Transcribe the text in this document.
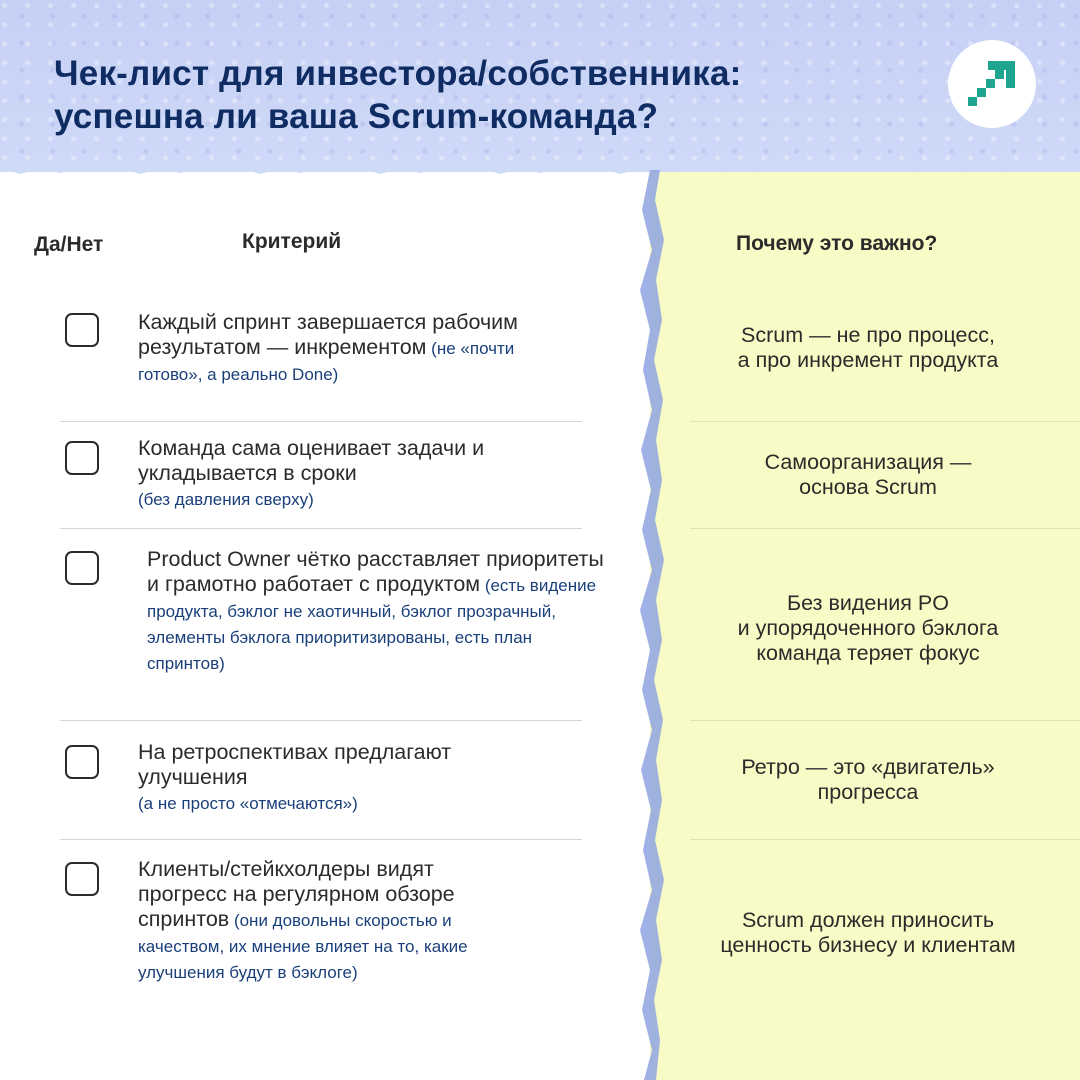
Чек-лист для инвестора/собственника:
успешна ли ваша Scrum-команда?
Да/Нет	Критерий	Почему это важно?
Каждый спринт завершается рабочим результатом — инкрементом (не «почти готово», а реально Done)
Scrum — не про процесс,
а про инкремент продукта
Команда сама оценивает задачи и укладывается в сроки
(без давления сверху)
Самоорганизация —
основа Scrum
Product Owner чётко расставляет приоритеты и грамотно работает с продуктом (есть видение продукта, бэклог не хаотичный, бэклог прозрачный, элементы бэклога приоритизированы, есть план спринтов)
Без видения PO
и упорядоченного бэклога
команда теряет фокус
На ретроспективах предлагают улучшения
(а не просто «отмечаются»)
Ретро — это «двигатель»
прогресса
Клиенты/стейкхолдеры видят прогресс на регулярном обзоре спринтов (они довольны скоростью и качеством, их мнение влияет на то, какие улучшения будут в бэклоге)
Scrum должен приносить
ценность бизнесу и клиентам
